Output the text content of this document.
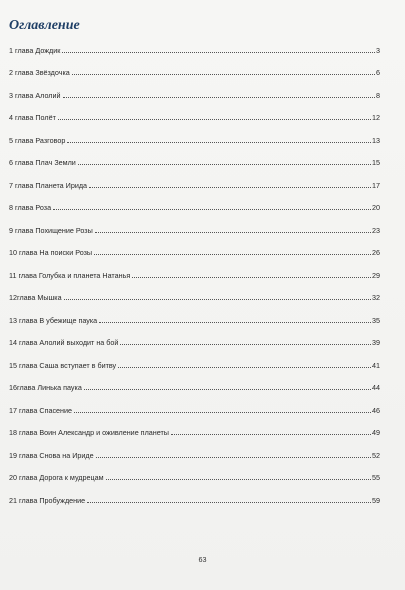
Оглавление
1 глава Дождик	3
2 глава Звёздочка	6
3 глава Алолий	8
4 глава Полёт	12
5 глава Разговор	13
6 глава Плач Земли	15
7 глава Планета Ирида	17
8 глава Роза	20
9 глава Похищение Розы	23
10 глава На поиски Розы	26
11 глава Голубка и планета Натанья	29
12глава Мышка	32
13 глава В убежище паука	35
14 глава Алолий выходит на бой	39
15 глава Саша вступает в битву	41
16глава Линька паука	44
17 глава Спасение	46
18 глава Воин Александр и оживление планеты	49
19 глава Снова на Ириде	52
20 глава Дорога к мудрецам	55
21 глава Пробуждение	59
63
